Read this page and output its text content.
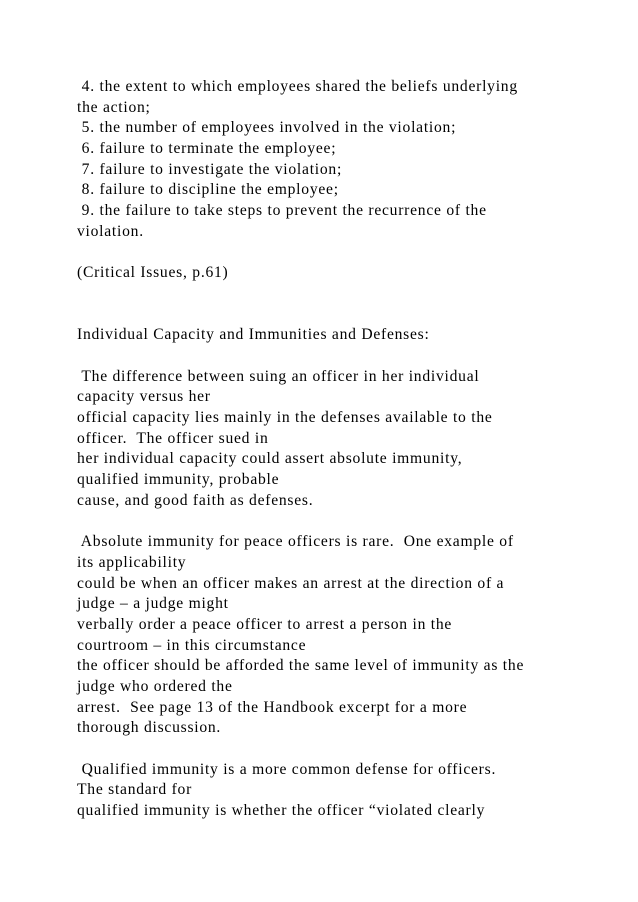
4. the extent to which employees shared the beliefs underlying
the action;
5. the number of employees involved in the violation;
6. failure to terminate the employee;
7. failure to investigate the violation;
8. failure to discipline the employee;
9. the failure to take steps to prevent the recurrence of the
violation.
(Critical Issues, p.61)
Individual Capacity and Immunities and Defenses:
The difference between suing an officer in her individual
capacity versus her
official capacity lies mainly in the defenses available to the
officer.  The officer sued in
her individual capacity could assert absolute immunity,
qualified immunity, probable
cause, and good faith as defenses.
Absolute immunity for peace officers is rare.  One example of
its applicability
could be when an officer makes an arrest at the direction of a
judge – a judge might
verbally order a peace officer to arrest a person in the
courtroom – in this circumstance
the officer should be afforded the same level of immunity as the
judge who ordered the
arrest.  See page 13 of the Handbook excerpt for a more
thorough discussion.
Qualified immunity is a more common defense for officers.
The standard for
qualified immunity is whether the officer “violated clearly
